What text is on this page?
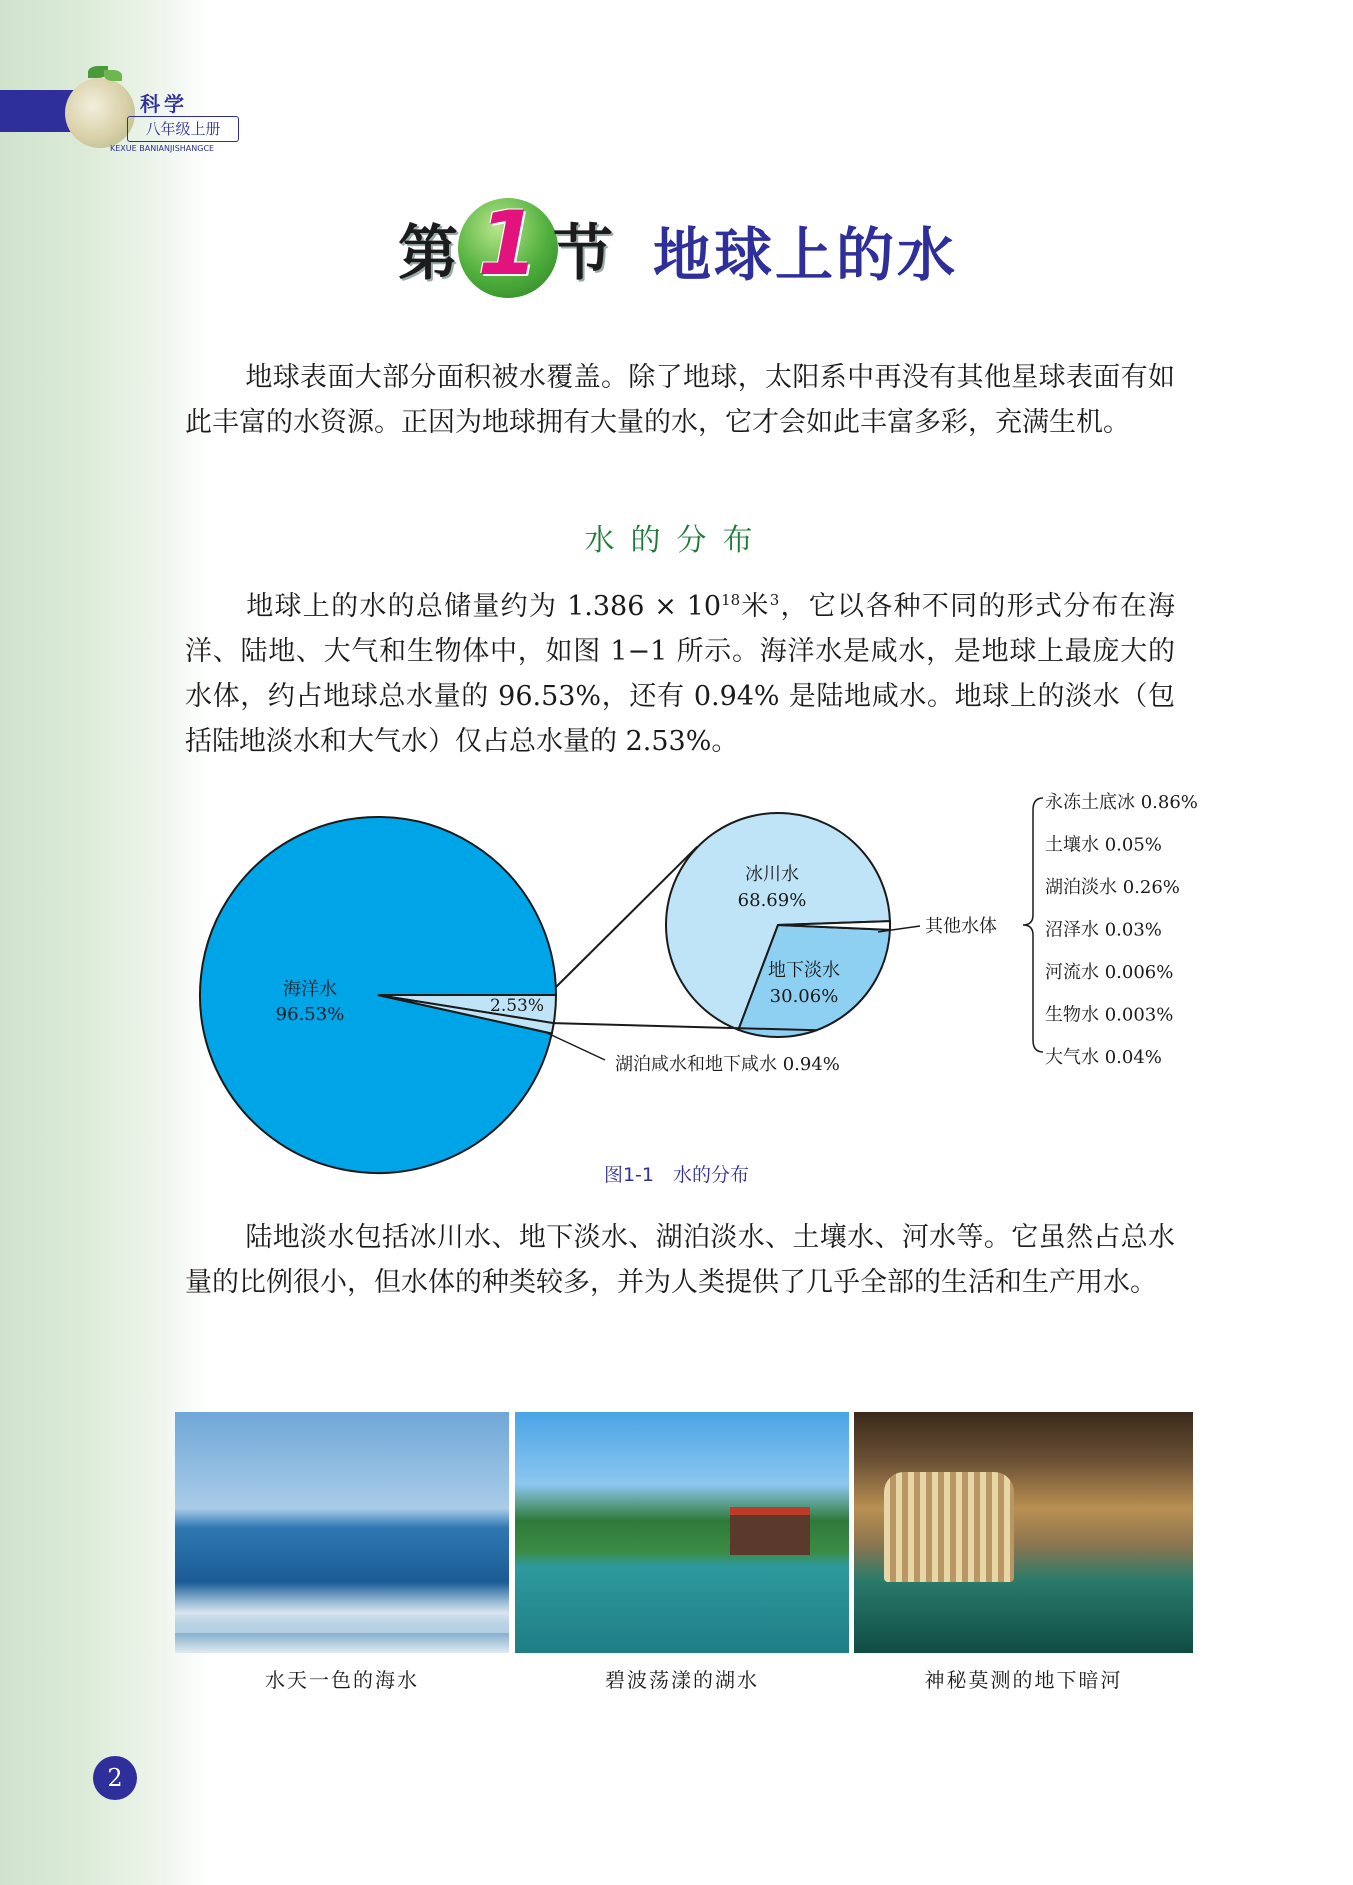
科学
八年级上册
KEXUE BANIANJISHANGCE
第 1 节 地球上的水

地球表面大部分面积被水覆盖。除了地球，太阳系中再没有其他星球表面有如此丰富的水资源。正因为地球拥有大量的水，它才会如此丰富多彩，充满生机。

水的分布

地球上的水的总储量约为 $1.386 \times 10^{18}$米$^3$，它以各种不同的形式分布在海洋、陆地、大气和生物体中，如图 1−1 所示。海洋水是咸水，是地球上最庞大的水体，约占地球总水量的 96.53%，还有 0.94% 是陆地咸水。地球上的淡水（包括陆地淡水和大气水）仅占总水量的 2.53%。

海洋水
96.53%	2.53%
湖泊咸水和地下咸水 0.94%
冰川水
68.69%
地下淡水
30.06%
其他水体
永冻土底冰 0.86%
土壤水 0.05%
湖泊淡水 0.26%
沼泽水 0.03%
河流水 0.006%
生物水 0.003%
大气水 0.04%
图1-1　水的分布

陆地淡水包括冰川水、地下淡水、湖泊淡水、土壤水、河水等。它虽然占总水量的比例很小，但水体的种类较多，并为人类提供了几乎全部的生活和生产用水。

水天一色的海水	碧波荡漾的湖水	神秘莫测的地下暗河
2
